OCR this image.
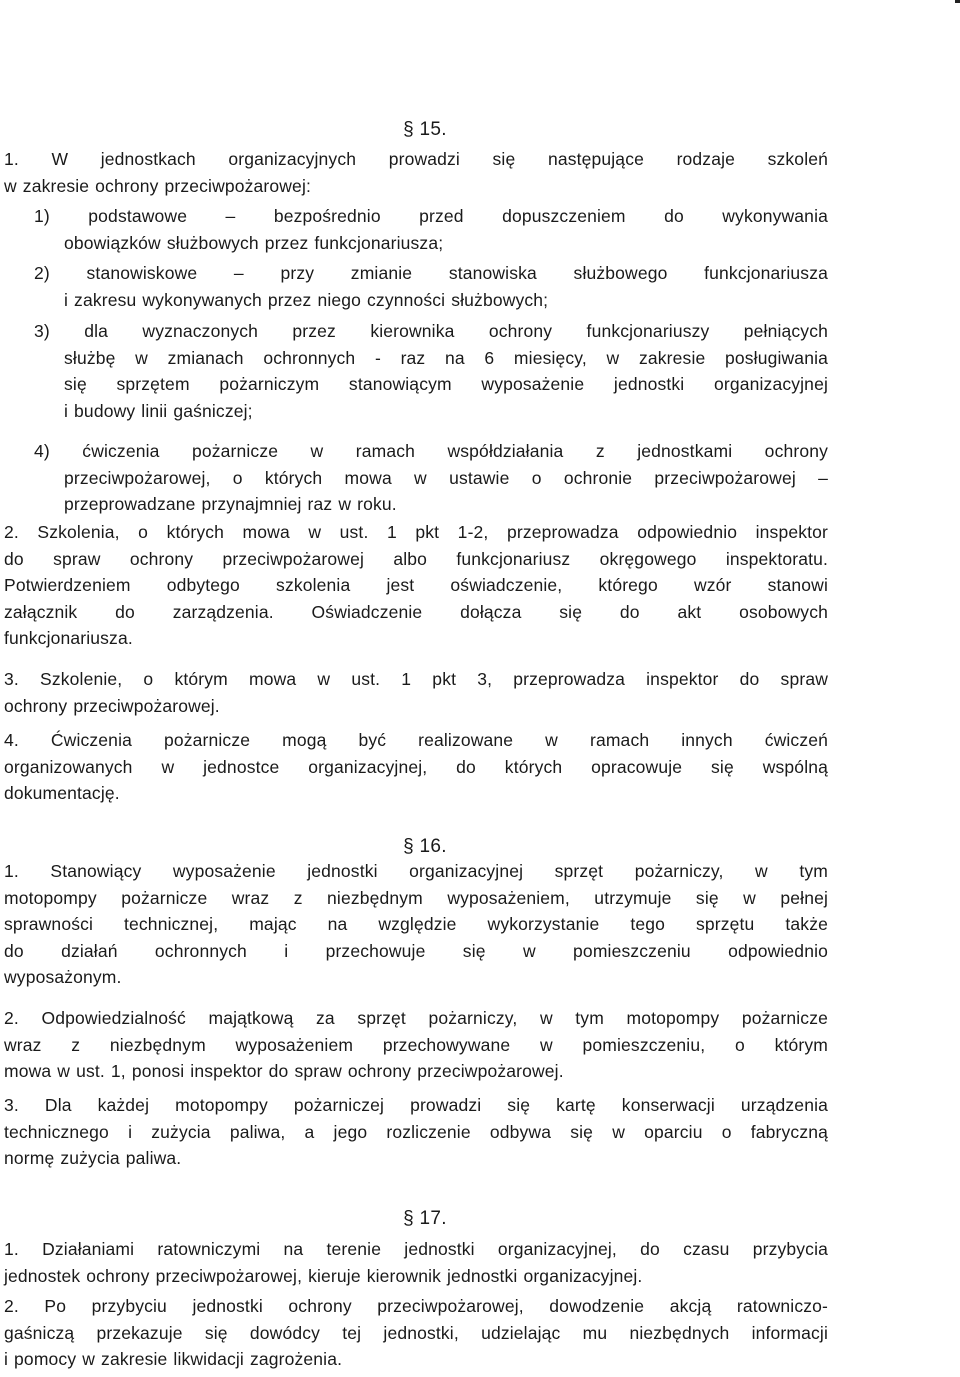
§ 15.
1. W jednostkach organizacyjnych prowadzi się następujące rodzaje szkoleń
w zakresie ochrony przeciwpożarowej:
1) podstawowe – bezpośrednio przed dopuszczeniem do wykonywania
obowiązków służbowych przez funkcjonariusza;
2) stanowiskowe – przy zmianie stanowiska służbowego funkcjonariusza
i zakresu wykonywanych przez niego czynności służbowych;
3) dla wyznaczonych przez kierownika ochrony funkcjonariuszy pełniących
służbę w zmianach ochronnych - raz na 6 miesięcy, w zakresie posługiwania
się sprzętem pożarniczym stanowiącym wyposażenie jednostki organizacyjnej
i budowy linii gaśniczej;
4) ćwiczenia pożarnicze w ramach współdziałania z jednostkami ochrony
przeciwpożarowej, o których mowa w ustawie o ochronie przeciwpożarowej –
przeprowadzane przynajmniej raz w roku.
2. Szkolenia, o których mowa w ust. 1 pkt 1-2, przeprowadza odpowiednio inspektor
do spraw ochrony przeciwpożarowej albo funkcjonariusz okręgowego inspektoratu.
Potwierdzeniem odbytego szkolenia jest oświadczenie, którego wzór stanowi
załącznik do zarządzenia. Oświadczenie dołącza się do akt osobowych
funkcjonariusza.
3. Szkolenie, o którym mowa w ust. 1 pkt 3, przeprowadza inspektor do spraw
ochrony przeciwpożarowej.
4. Ćwiczenia pożarnicze mogą być realizowane w ramach innych ćwiczeń
organizowanych w jednostce organizacyjnej, do których opracowuje się wspólną
dokumentację.
§ 16.
1. Stanowiący wyposażenie jednostki organizacyjnej sprzęt pożarniczy, w tym
motopompy pożarnicze wraz z niezbędnym wyposażeniem, utrzymuje się w pełnej
sprawności technicznej, mając na względzie wykorzystanie tego sprzętu także
do działań ochronnych i przechowuje się w pomieszczeniu odpowiednio
wyposażonym.
2. Odpowiedzialność majątkową za sprzęt pożarniczy, w tym motopompy pożarnicze
wraz z niezbędnym wyposażeniem przechowywane w pomieszczeniu, o którym
mowa w ust. 1, ponosi inspektor do spraw ochrony przeciwpożarowej.
3. Dla każdej motopompy pożarniczej prowadzi się kartę konserwacji urządzenia
technicznego i zużycia paliwa, a jego rozliczenie odbywa się w oparciu o fabryczną
normę zużycia paliwa.
§ 17.
1. Działaniami ratowniczymi na terenie jednostki organizacyjnej, do czasu przybycia
jednostek ochrony przeciwpożarowej, kieruje kierownik jednostki organizacyjnej.
2. Po przybyciu jednostki ochrony przeciwpożarowej, dowodzenie akcją ratowniczo-
gaśniczą przekazuje się dowódcy tej jednostki, udzielając mu niezbędnych informacji
i pomocy w zakresie likwidacji zagrożenia.
